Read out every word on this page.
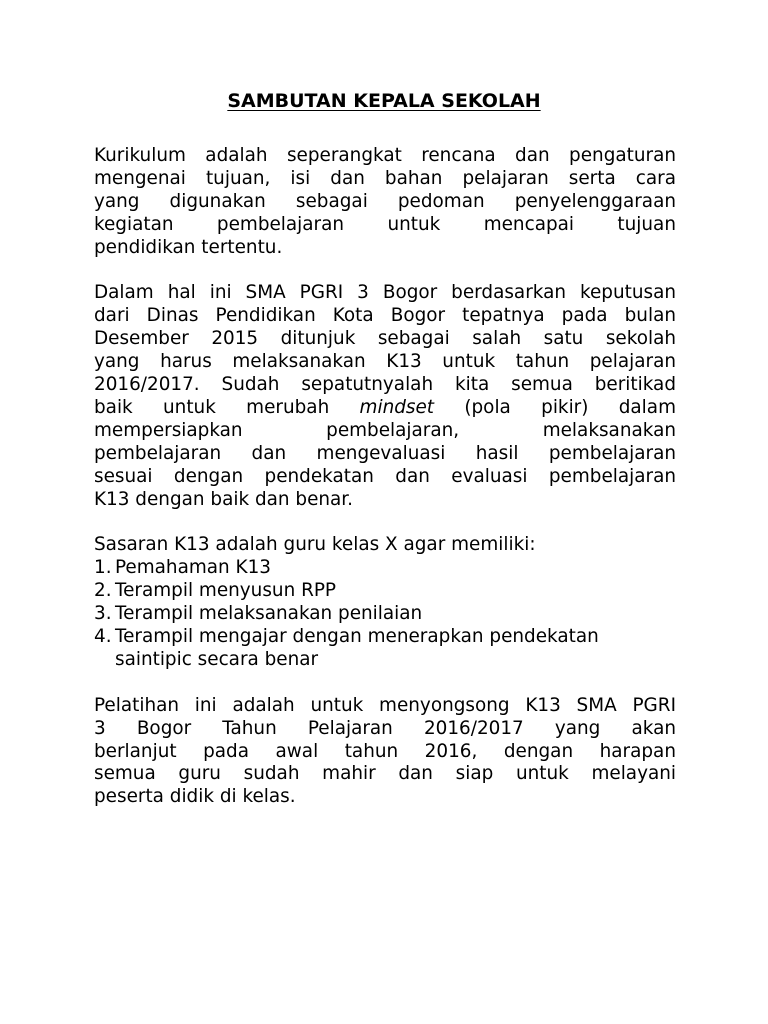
SAMBUTAN KEPALA SEKOLAH
Kurikulum adalah seperangkat rencana dan pengaturan
mengenai tujuan, isi dan bahan pelajaran serta cara
yang digunakan sebagai pedoman penyelenggaraan
kegiatan pembelajaran untuk mencapai tujuan
pendidikan tertentu.
Dalam hal ini SMA PGRI 3 Bogor berdasarkan keputusan
dari Dinas Pendidikan Kota Bogor tepatnya pada bulan
Desember 2015 ditunjuk sebagai salah satu sekolah
yang harus melaksanakan K13 untuk tahun pelajaran
2016/2017. Sudah sepatutnyalah kita semua beritikad
baik untuk merubah mindset (pola pikir) dalam
mempersiapkan pembelajaran, melaksanakan
pembelajaran dan mengevaluasi hasil pembelajaran
sesuai dengan pendekatan dan evaluasi pembelajaran
K13 dengan baik dan benar.

Sasaran K13 adalah guru kelas X agar memiliki:

1. Pemahaman K13
2. Terampil menyusun RPP
3. Terampil melaksanakan penilaian
4. Terampil mengajar dengan menerapkan pendekatan saintipic secara benar
Pelatihan ini adalah untuk menyongsong K13 SMA PGRI
3 Bogor Tahun Pelajaran 2016/2017 yang akan
berlanjut pada awal tahun 2016, dengan harapan
semua guru sudah mahir dan siap untuk melayani
peserta didik di kelas.
